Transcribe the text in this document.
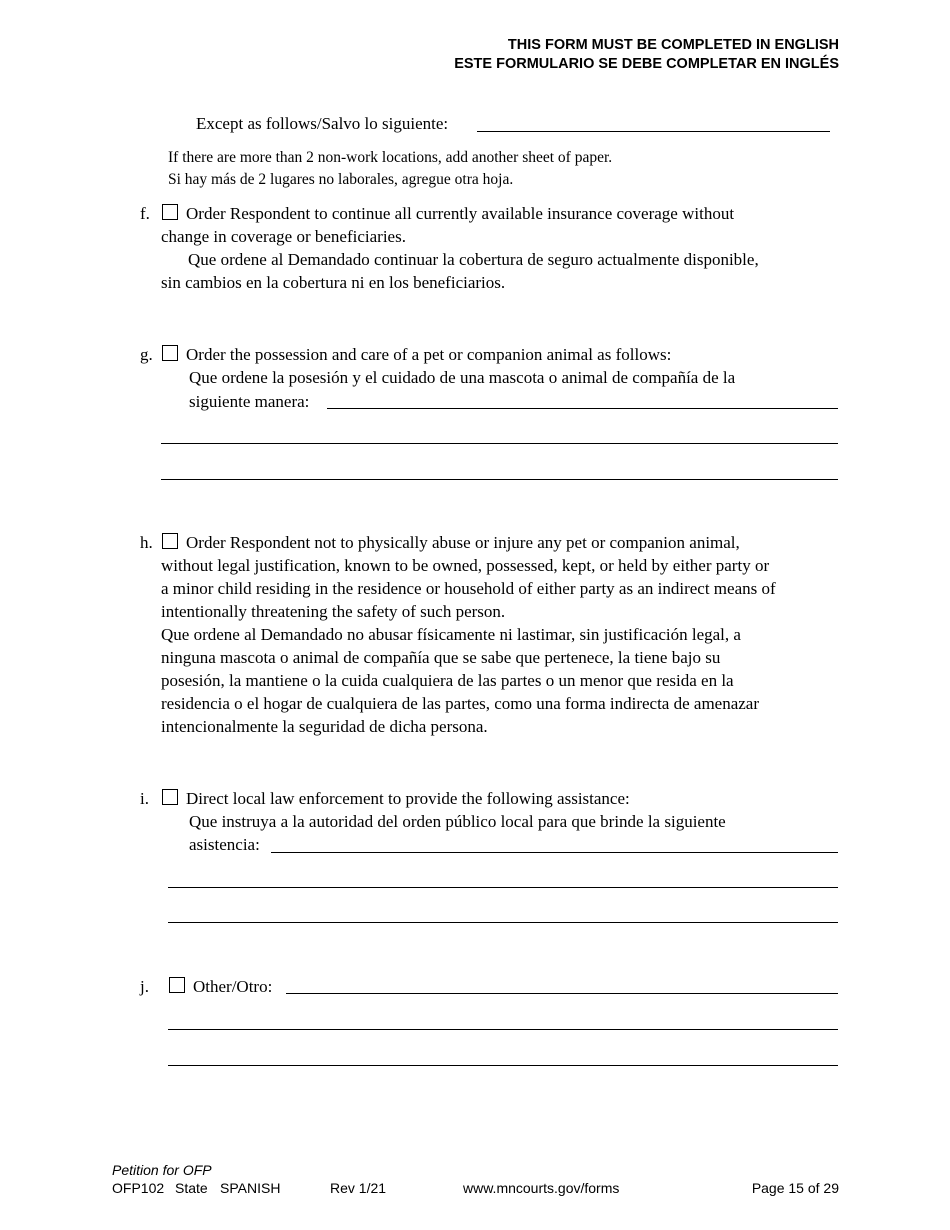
THIS FORM MUST BE COMPLETED IN ENGLISH
ESTE FORMULARIO SE DEBE COMPLETAR EN INGLÉS
Except as follows/Salvo lo siguiente:
If there are more than 2 non-work locations, add another sheet of paper.
Si hay más de 2 lugares no laborales, agregue otra hoja.
f. Order Respondent to continue all currently available insurance coverage without
change in coverage or beneficiaries.
Que ordene al Demandado continuar la cobertura de seguro actualmente disponible,
sin cambios en la cobertura ni en los beneficiarios.
g. Order the possession and care of a pet or companion animal as follows:
Que ordene la posesión y el cuidado de una mascota o animal de compañía de la
siguiente manera:
h. Order Respondent not to physically abuse or injure any pet or companion animal,
without legal justification, known to be owned, possessed, kept, or held by either party or
a minor child residing in the residence or household of either party as an indirect means of
intentionally threatening the safety of such person.
Que ordene al Demandado no abusar físicamente ni lastimar, sin justificación legal, a
ninguna mascota o animal de compañía que se sabe que pertenece, la tiene bajo su
posesión, la mantiene o la cuida cualquiera de las partes o un menor que resida en la
residencia o el hogar de cualquiera de las partes, como una forma indirecta de amenazar
intencionalmente la seguridad de dicha persona.
i. Direct local law enforcement to provide the following assistance:
Que instruya a la autoridad del orden público local para que brinde la siguiente
asistencia:
j.	Other/Otro:
Petition for OFP
OFP102 State SPANISH	Rev 1/21	www.mncourts.gov/forms	Page 15 of 29
